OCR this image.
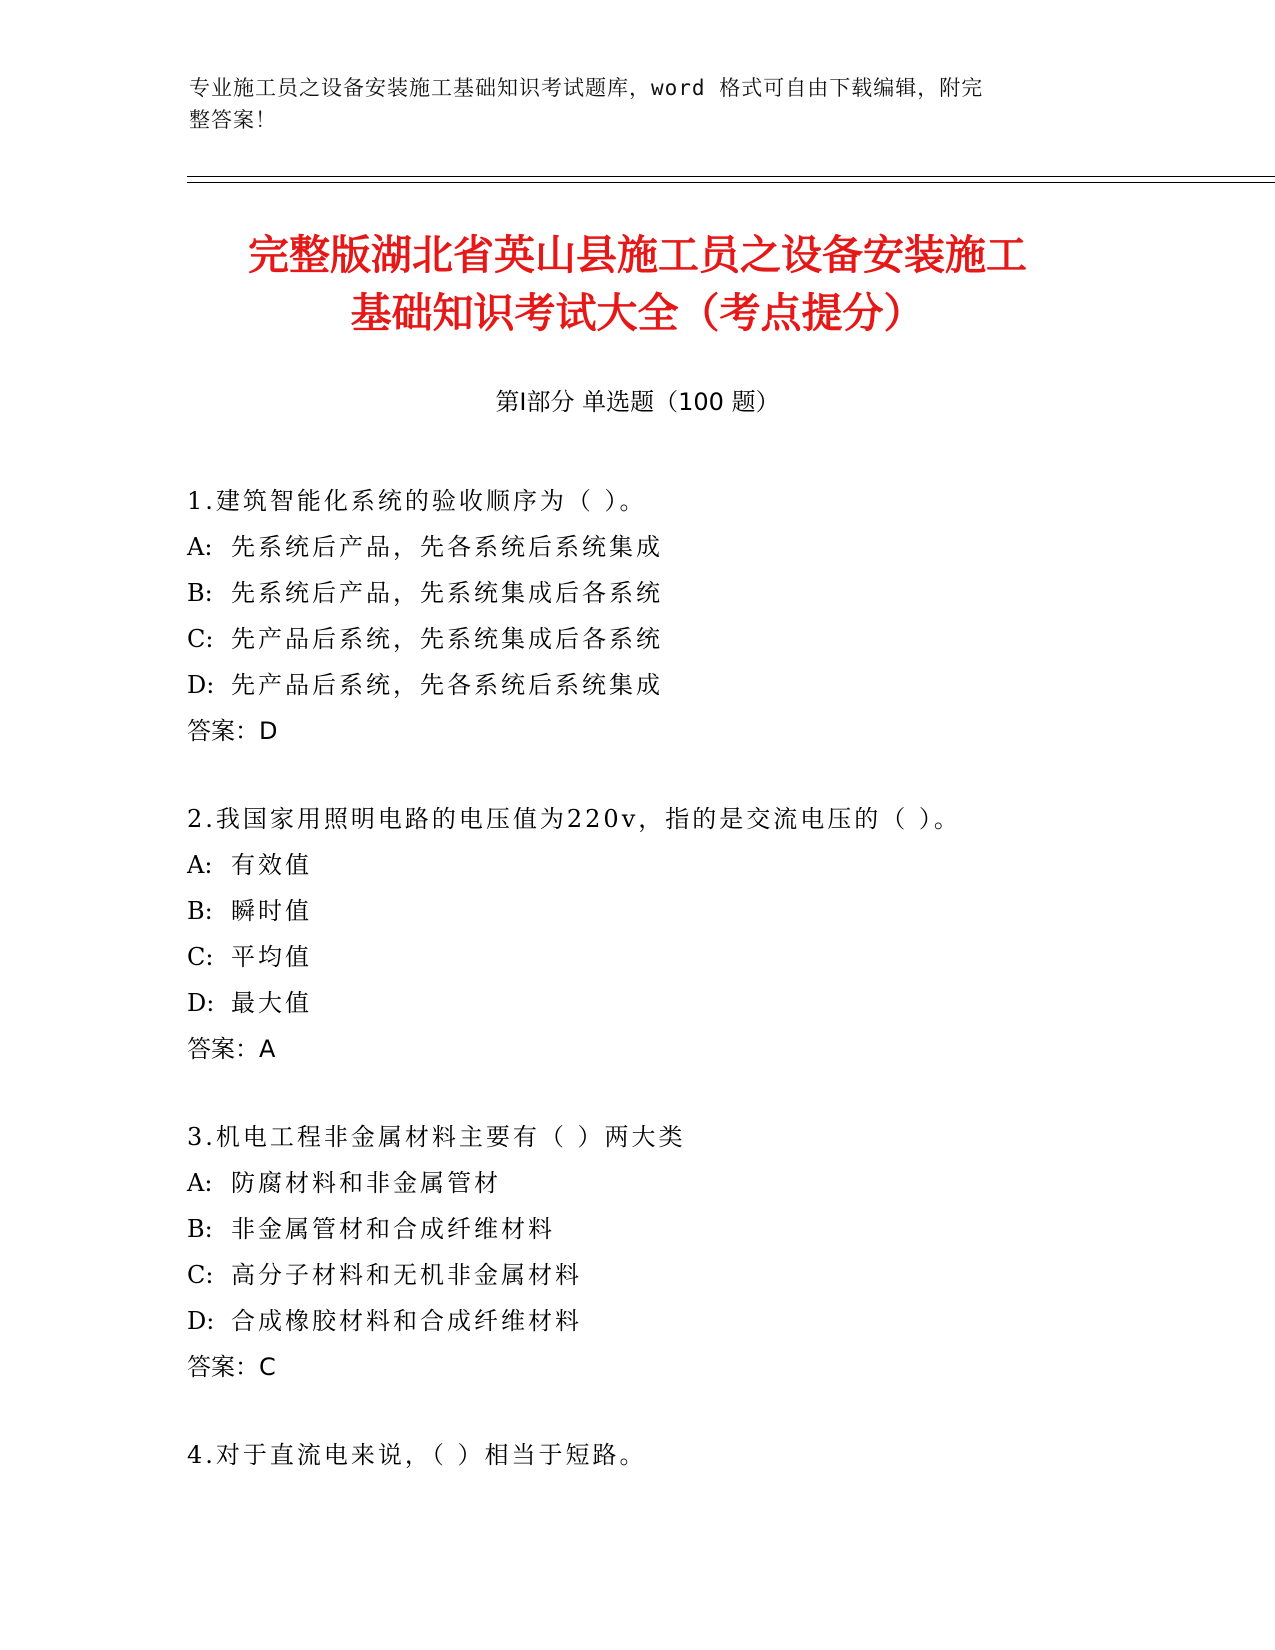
专业施工员之设备安装施工基础知识考试题库，word 格式可自由下载编辑，附完
整答案！
完整版湖北省英山县施工员之设备安装施工
基础知识考试大全（考点提分）
第Ⅰ部分 单选题（100 题）
1.建筑智能化系统的验收顺序为（ ）。
A: 先系统后产品，先各系统后系统集成
B: 先系统后产品，先系统集成后各系统
C: 先产品后系统，先系统集成后各系统
D: 先产品后系统，先各系统后系统集成
答案：D
2.我国家用照明电路的电压值为220v，指的是交流电压的（ ）。
A: 有效值
B: 瞬时值
C: 平均值
D: 最大值
答案：A
3.机电工程非金属材料主要有（ ）两大类
A: 防腐材料和非金属管材
B: 非金属管材和合成纤维材料
C: 高分子材料和无机非金属材料
D: 合成橡胶材料和合成纤维材料
答案：C
4.对于直流电来说，（ ）相当于短路。
